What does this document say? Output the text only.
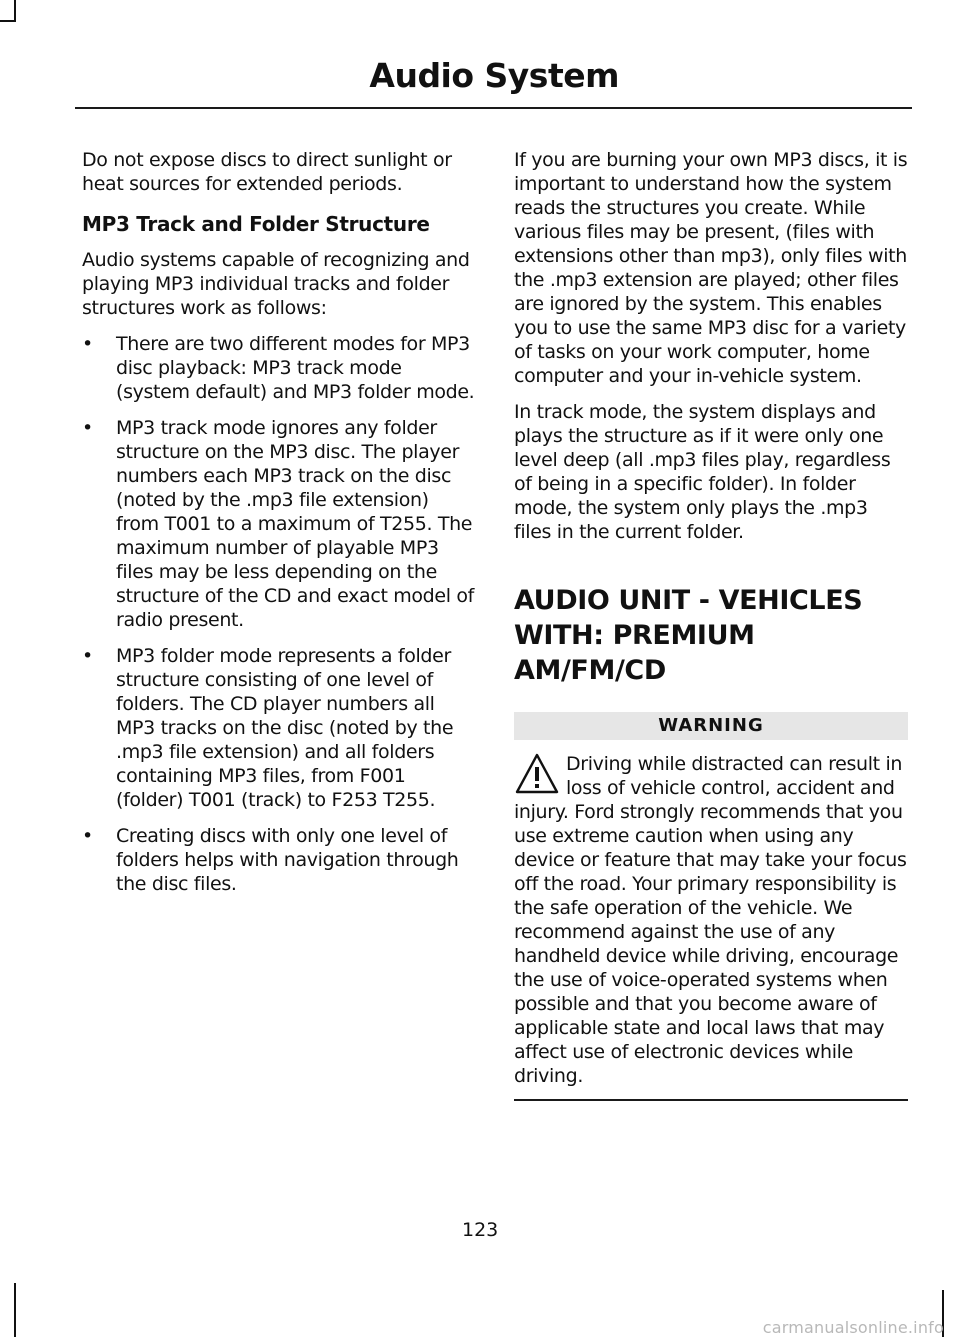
Audio System

Do not expose discs to direct sunlight or heat sources for extended periods.

MP3 Track and Folder Structure

Audio systems capable of recognizing and playing MP3 individual tracks and folder structures work as follows:

•	There are two different modes for MP3 disc playback: MP3 track mode (system default) and MP3 folder mode.
•	MP3 track mode ignores any folder structure on the MP3 disc. The player numbers each MP3 track on the disc (noted by the .mp3 file extension) from T001 to a maximum of T255. The maximum number of playable MP3 files may be less depending on the structure of the CD and exact model of radio present.
•	MP3 folder mode represents a folder structure consisting of one level of folders. The CD player numbers all MP3 tracks on the disc (noted by the .mp3 file extension) and all folders containing MP3 files, from F001 (folder) T001 (track) to F253 T255.
•	Creating discs with only one level of folders helps with navigation through the disc files.

If you are burning your own MP3 discs, it is important to understand how the system reads the structures you create. While various files may be present, (files with extensions other than mp3), only files with the .mp3 extension are played; other files are ignored by the system. This enables you to use the same MP3 disc for a variety of tasks on your work computer, home computer and your in-vehicle system.

In track mode, the system displays and plays the structure as if it were only one level deep (all .mp3 files play, regardless of being in a specific folder). In folder mode, the system only plays the .mp3 files in the current folder.

AUDIO UNIT - VEHICLES
WITH: PREMIUM
AM/FM/CD
WARNING

Driving while distracted can result in loss of vehicle control, accident and injury. Ford strongly recommends that you use extreme caution when using any device or feature that may take your focus off the road. Your primary responsibility is the safe operation of the vehicle. We recommend against the use of any handheld device while driving, encourage the use of voice-operated systems when possible and that you become aware of applicable state and local laws that may affect use of electronic devices while driving.

123
carmanualsonline.info
